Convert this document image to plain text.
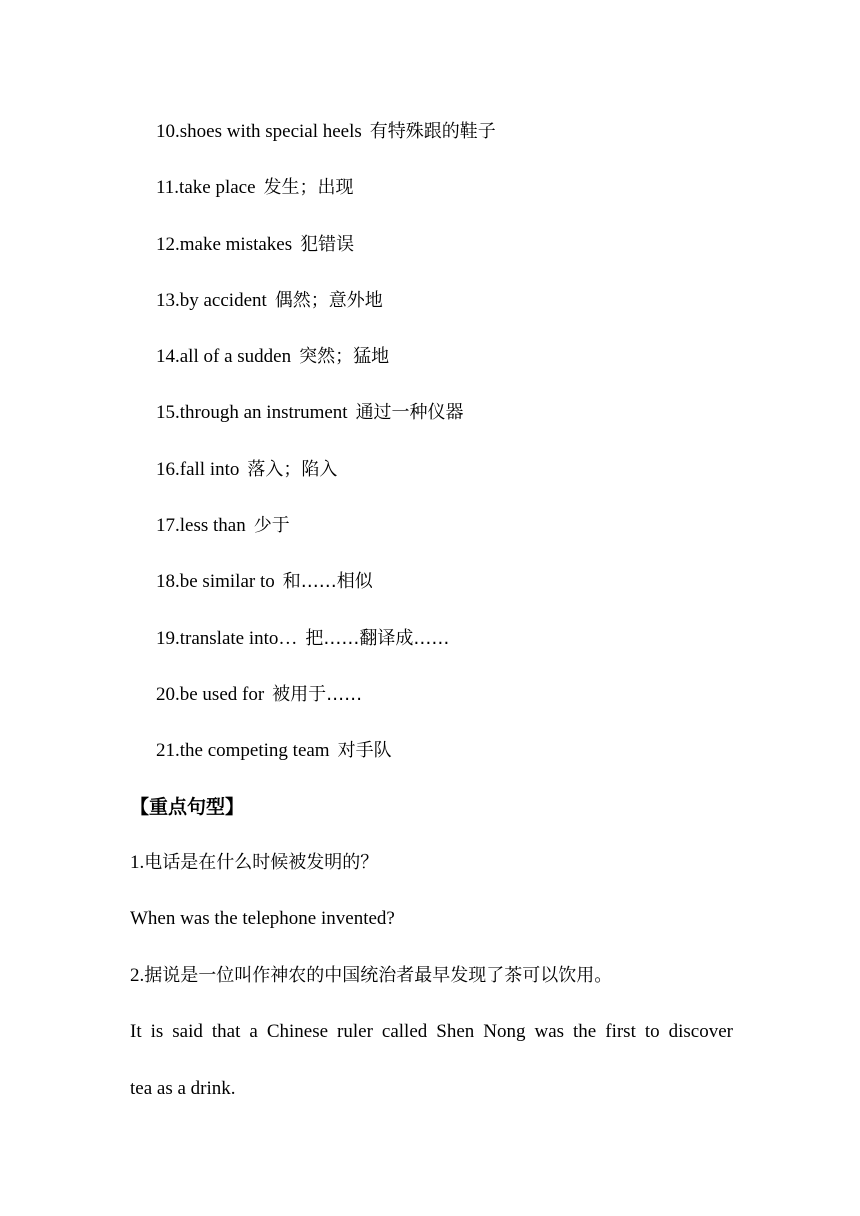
10.shoes with special heels 有特殊跟的鞋子
11.take place 发生；出现
12.make mistakes 犯错误
13.by accident 偶然；意外地
14.all of a sudden 突然；猛地
15.through an instrument 通过一种仪器
16.fall into 落入；陷入
17.less than 少于
18.be similar to 和……相似
19.translate into… 把……翻译成……
20.be used for 被用于……
21.the competing team 对手队
【重点句型】
1.电话是在什么时候被发明的？
When was the telephone invented?
2.据说是一位叫作神农的中国统治者最早发现了茶可以饮用。
It is said that a Chinese ruler called Shen Nong was the first to discover
tea as a drink.
